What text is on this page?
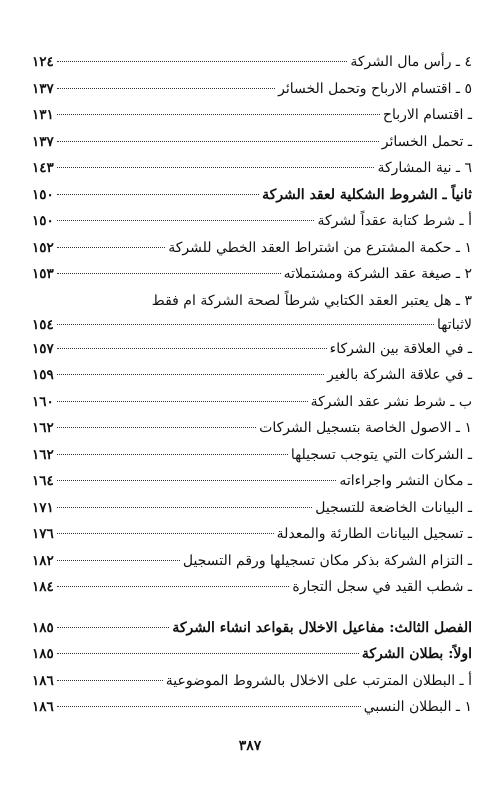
٤ ـ رأس مال الشركة
١٢٤
٥ ـ اقتسام الارباح وتحمل الخسائر
١٣٧
ـ اقتسام الارباح
١٣١
ـ تحمل الخسائر
١٣٧
٦ ـ نية المشاركة
١٤٣
ثانياً ـ الشروط الشكلية لعقد الشركة
١٥٠
أ ـ شرط كتابة عقداً لشركة
١٥٠
١ ـ حكمة المشترع من اشتراط العقد الخطي للشركة
١٥٢
٢ ـ صيغة عقد الشركة ومشتملاته
١٥٣
٣ ـ هل يعتبر العقد الكتابي شرطاً لصحة الشركة ام فقط
لاثباتها
١٥٤
ـ في العلاقة بين الشركاء
١٥٧
ـ في علاقة الشركة بالغير
١٥٩
ب ـ شرط نشر عقد الشركة
١٦٠
١ ـ الاصول الخاصة بتسجيل الشركات
١٦٢
ـ الشركات التي يتوجب تسجيلها
١٦٢
ـ مكان النشر واجراءاته
١٦٤
ـ البيانات الخاضعة للتسجيل
١٧١
ـ تسجيل البيانات الطارئة والمعدلة
١٧٦
ـ التزام الشركة بذكر مكان تسجيلها ورقم التسجيل
١٨٢
ـ شطب القيد في سجل التجارة
١٨٤
الفصل الثالث: مفاعيل الاخلال بقواعد انشاء الشركة
١٨٥
اولاً: بطلان الشركة
١٨٥
أ ـ البطلان المترتب على الاخلال بالشروط الموضوعية
١٨٦
١ ـ البطلان النسبي
١٨٦
٣٨٧
